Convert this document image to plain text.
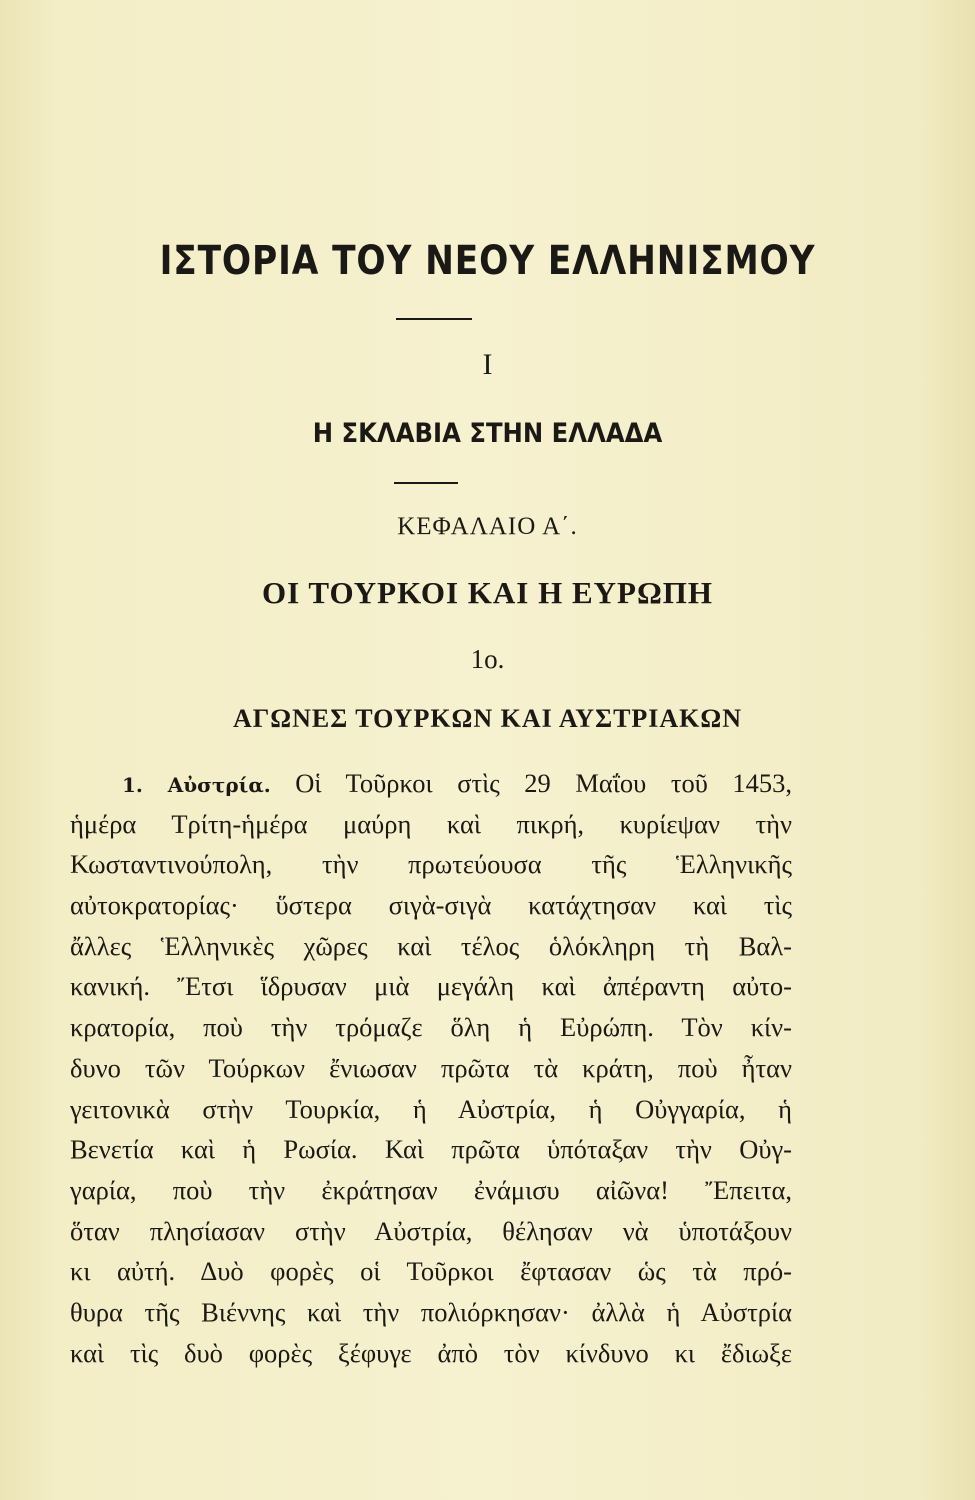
ΙΣΤΟΡΙΑ ΤΟΥ ΝΕΟΥ ΕΛΛΗΝΙΣΜΟΥ

I

Η ΣΚΛΑΒΙΑ ΣΤΗΝ ΕΛΛΑΔΑ

ΚΕΦΑΛΑΙΟ Α΄.

ΟΙ ΤΟΥΡΚΟΙ ΚΑΙ Η ΕΥΡΩΠΗ

1ο.

ΑΓΩΝΕΣ ΤΟΥΡΚΩΝ ΚΑΙ ΑΥΣΤΡΙΑΚΩΝ
1. Αὐστρία. Οἱ Τοῦρκοι στὶς 29 Μαΐου τοῦ 1453,
ἡμέρα Τρίτη-ἡμέρα μαύρη καὶ πικρή, κυρίεψαν τὴν
Κωσταντινούπολη, τὴν πρωτεύουσα τῆς Ἑλληνικῆς
αὐτοκρατορίας· ὕστερα σιγὰ-σιγὰ κατάχτησαν καὶ τὶς
ἄλλες Ἑλληνικὲς χῶρες καὶ τέλος ὁλόκληρη τὴ Βαλ-
κανική. Ἔτσι ἵδρυσαν μιὰ μεγάλη καὶ ἀπέραντη αὐτο-
κρατορία, ποὺ τὴν τρόμαζε ὅλη ἡ Εὐρώπη. Τὸν κίν-
δυνο τῶν Τούρκων ἔνιωσαν πρῶτα τὰ κράτη, ποὺ ἦταν
γειτονικὰ στὴν Τουρκία, ἡ Αὐστρία, ἡ Οὐγγαρία, ἡ
Βενετία καὶ ἡ Ρωσία. Καὶ πρῶτα ὑπόταξαν τὴν Οὐγ-
γαρία, ποὺ τὴν ἐκράτησαν ἐνάμισυ αἰῶνα! Ἔπειτα,
ὅταν πλησίασαν στὴν Αὐστρία, θέλησαν νὰ ὑποτάξουν
κι αὐτή. Δυὸ φορὲς οἱ Τοῦρκοι ἔφτασαν ὡς τὰ πρό-
θυρα τῆς Βιέννης καὶ τὴν πολιόρκησαν· ἀλλὰ ἡ Αὐστρία
καὶ τὶς δυὸ φορὲς ξέφυγε ἀπὸ τὸν κίνδυνο κι ἔδιωξε
